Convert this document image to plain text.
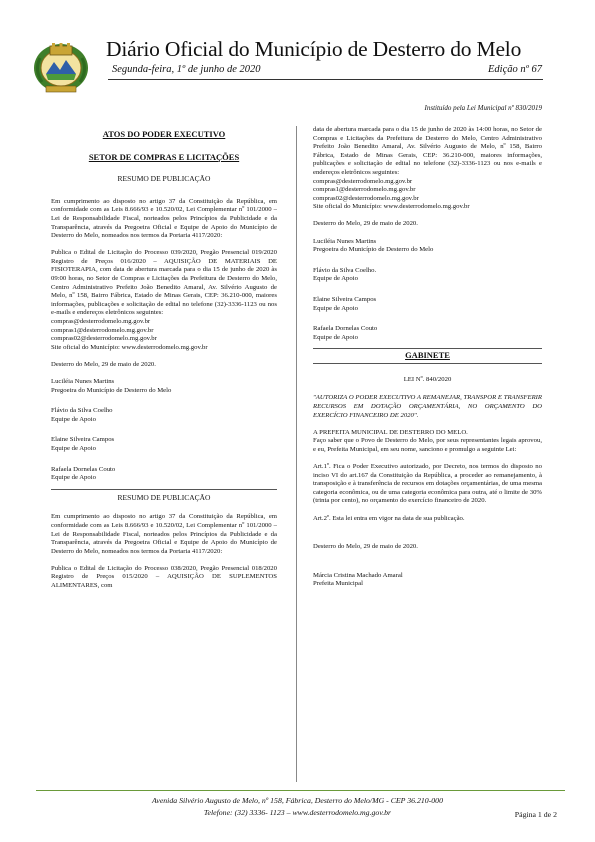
Diário Oficial do Município de Desterro do Melo
Segunda-feira, 1º de junho de 2020	Edição nº 67
Instituído pela Lei Municipal nº 830/2019
ATOS DO PODER EXECUTIVO
SETOR DE COMPRAS E LICITAÇÕES
RESUMO DE PUBLICAÇÃO

Em cumprimento ao disposto no artigo 37 da Constituição da República, em conformidade com as Leis 8.666/93 e 10.520/02, Lei Complementar nº 101/2000 – Lei de Responsabilidade Fiscal, norteados pelos Princípios da Publicidade e da Transparência, através da Pregoeira Oficial e Equipe de Apoio do Município de Desterro do Melo, nomeados nos termos da Portaria 4117/2020:

Publica o Edital de Licitação do Processo 039/2020, Pregão Presencial 019/2020 Registro de Preços 016/2020 – AQUISIÇÃO DE MATERIAIS DE FISIOTERAPIA, com data de abertura marcada para o dia 15 de junho de 2020 às 09:00 horas, no Setor de Compras e Licitações da Prefeitura de Desterro do Melo, Centro Administrativo Prefeito João Benedito Amaral, Av. Silvério Augusto de Melo, nº 158, Bairro Fábrica, Estado de Minas Gerais, CEP: 36.210-000, maiores informações, publicações e solicitação de edital no telefone (32)-3336-1123 ou nos e-mails e endereços eletrônicos seguintes:

compras@desterrodomelo.mg.gov.br
compras1@desterrodomelo.mg.gov.br
compras02@desterrodomelo.mg.gov.br

Site oficial do Município: www.desterrodomelo.mg.gov.br

Desterro do Melo, 29 de maio de 2020.

Luciléia Nunes Martins
Pregoeira do Município de Desterro do Melo
Flávio da Silva Coelho
Equipe de Apoio
Elaine Silveira Campos
Equipe de Apoio
Rafaela Dornelas Couto
Equipe de Apoio
RESUMO DE PUBLICAÇÃO

Em cumprimento ao disposto no artigo 37 da Constituição da República, em conformidade com as Leis 8.666/93 e 10.520/02, Lei Complementar nº 101/2000 – Lei de Responsabilidade Fiscal, norteados pelos Princípios da Publicidade e da Transparência, através da Pregoeira Oficial e Equipe de Apoio do Município de Desterro do Melo, nomeados nos termos da Portaria 4117/2020:

Publica o Edital de Licitação do Processo 038/2020, Pregão Presencial 018/2020 Registro de Preços 015/2020 – AQUISIÇÃO DE SUPLEMENTOS ALIMENTARES, com

data de abertura marcada para o dia 15 de junho de 2020 às 14:00 horas, no Setor de Compras e Licitações da Prefeitura de Desterro do Melo, Centro Administrativo Prefeito João Benedito Amaral, Av. Silvério Augusto de Melo, nº 158, Bairro Fábrica, Estado de Minas Gerais, CEP: 36.210-000, maiores informações, publicações e solicitação de edital no telefone (32)-3336-1123 ou nos e-mails e endereços eletrônicos seguintes:

compras@desterrodomelo.mg.gov.br
compras1@desterrodomelo.mg.gov.br
compras02@desterrodomelo.mg.gov.br

Site oficial do Município: www.desterrodomelo.mg.gov.br

Desterro do Melo, 29 de maio de 2020.

Luciléia Nunes Martins
Pregoeira do Município de Desterro do Melo
Flávio da Silva Coelho.
Equipe de Apoio
Elaine Silveira Campos
Equipe de Apoio
Rafaela Dornelas Couto
Equipe de Apoio
GABINETE
LEI Nº. 840/2020

"AUTORIZA O PODER EXECUTIVO A REMANEJAR, TRANSPOR E TRANSFERIR RECURSOS EM DOTAÇÃO ORÇAMENTÁRIA, NO ORÇAMENTO DO EXERCÍCIO FINANCEIRO DE 2020".

A PREFEITA MUNICIPAL DE DESTERRO DO MELO.

Faço saber que o Povo de Desterro do Melo, por seus representantes legais aprovou, e eu, Prefeita Municipal, em seu nome, sanciono e promulgo a seguinte Lei:

Art.1º. Fica o Poder Executivo autorizado, por Decreto, nos termos do disposto no inciso VI do art.167 da Constituição da República, a proceder ao remanejamento, à transposição e à transferência de recursos em dotações orçamentárias, de uma mesma categoria econômica, ou de uma categoria econômica para outra, até o limite de 30% (trinta por cento), no orçamento do exercício financeiro de 2020.

Art.2º. Esta lei entra em vigor na data de sua publicação.

Desterro do Melo, 29 de maio de 2020.

Márcia Cristina Machado Amaral
Prefeita Municipal
Avenida Silvério Augusto de Melo, nº 158, Fábrica, Desterro do Melo/MG - CEP 36.210-000
Telefone: (32) 3336- 1123 – www.desterrodomelo.mg.gov.br	Página 1 de 2
